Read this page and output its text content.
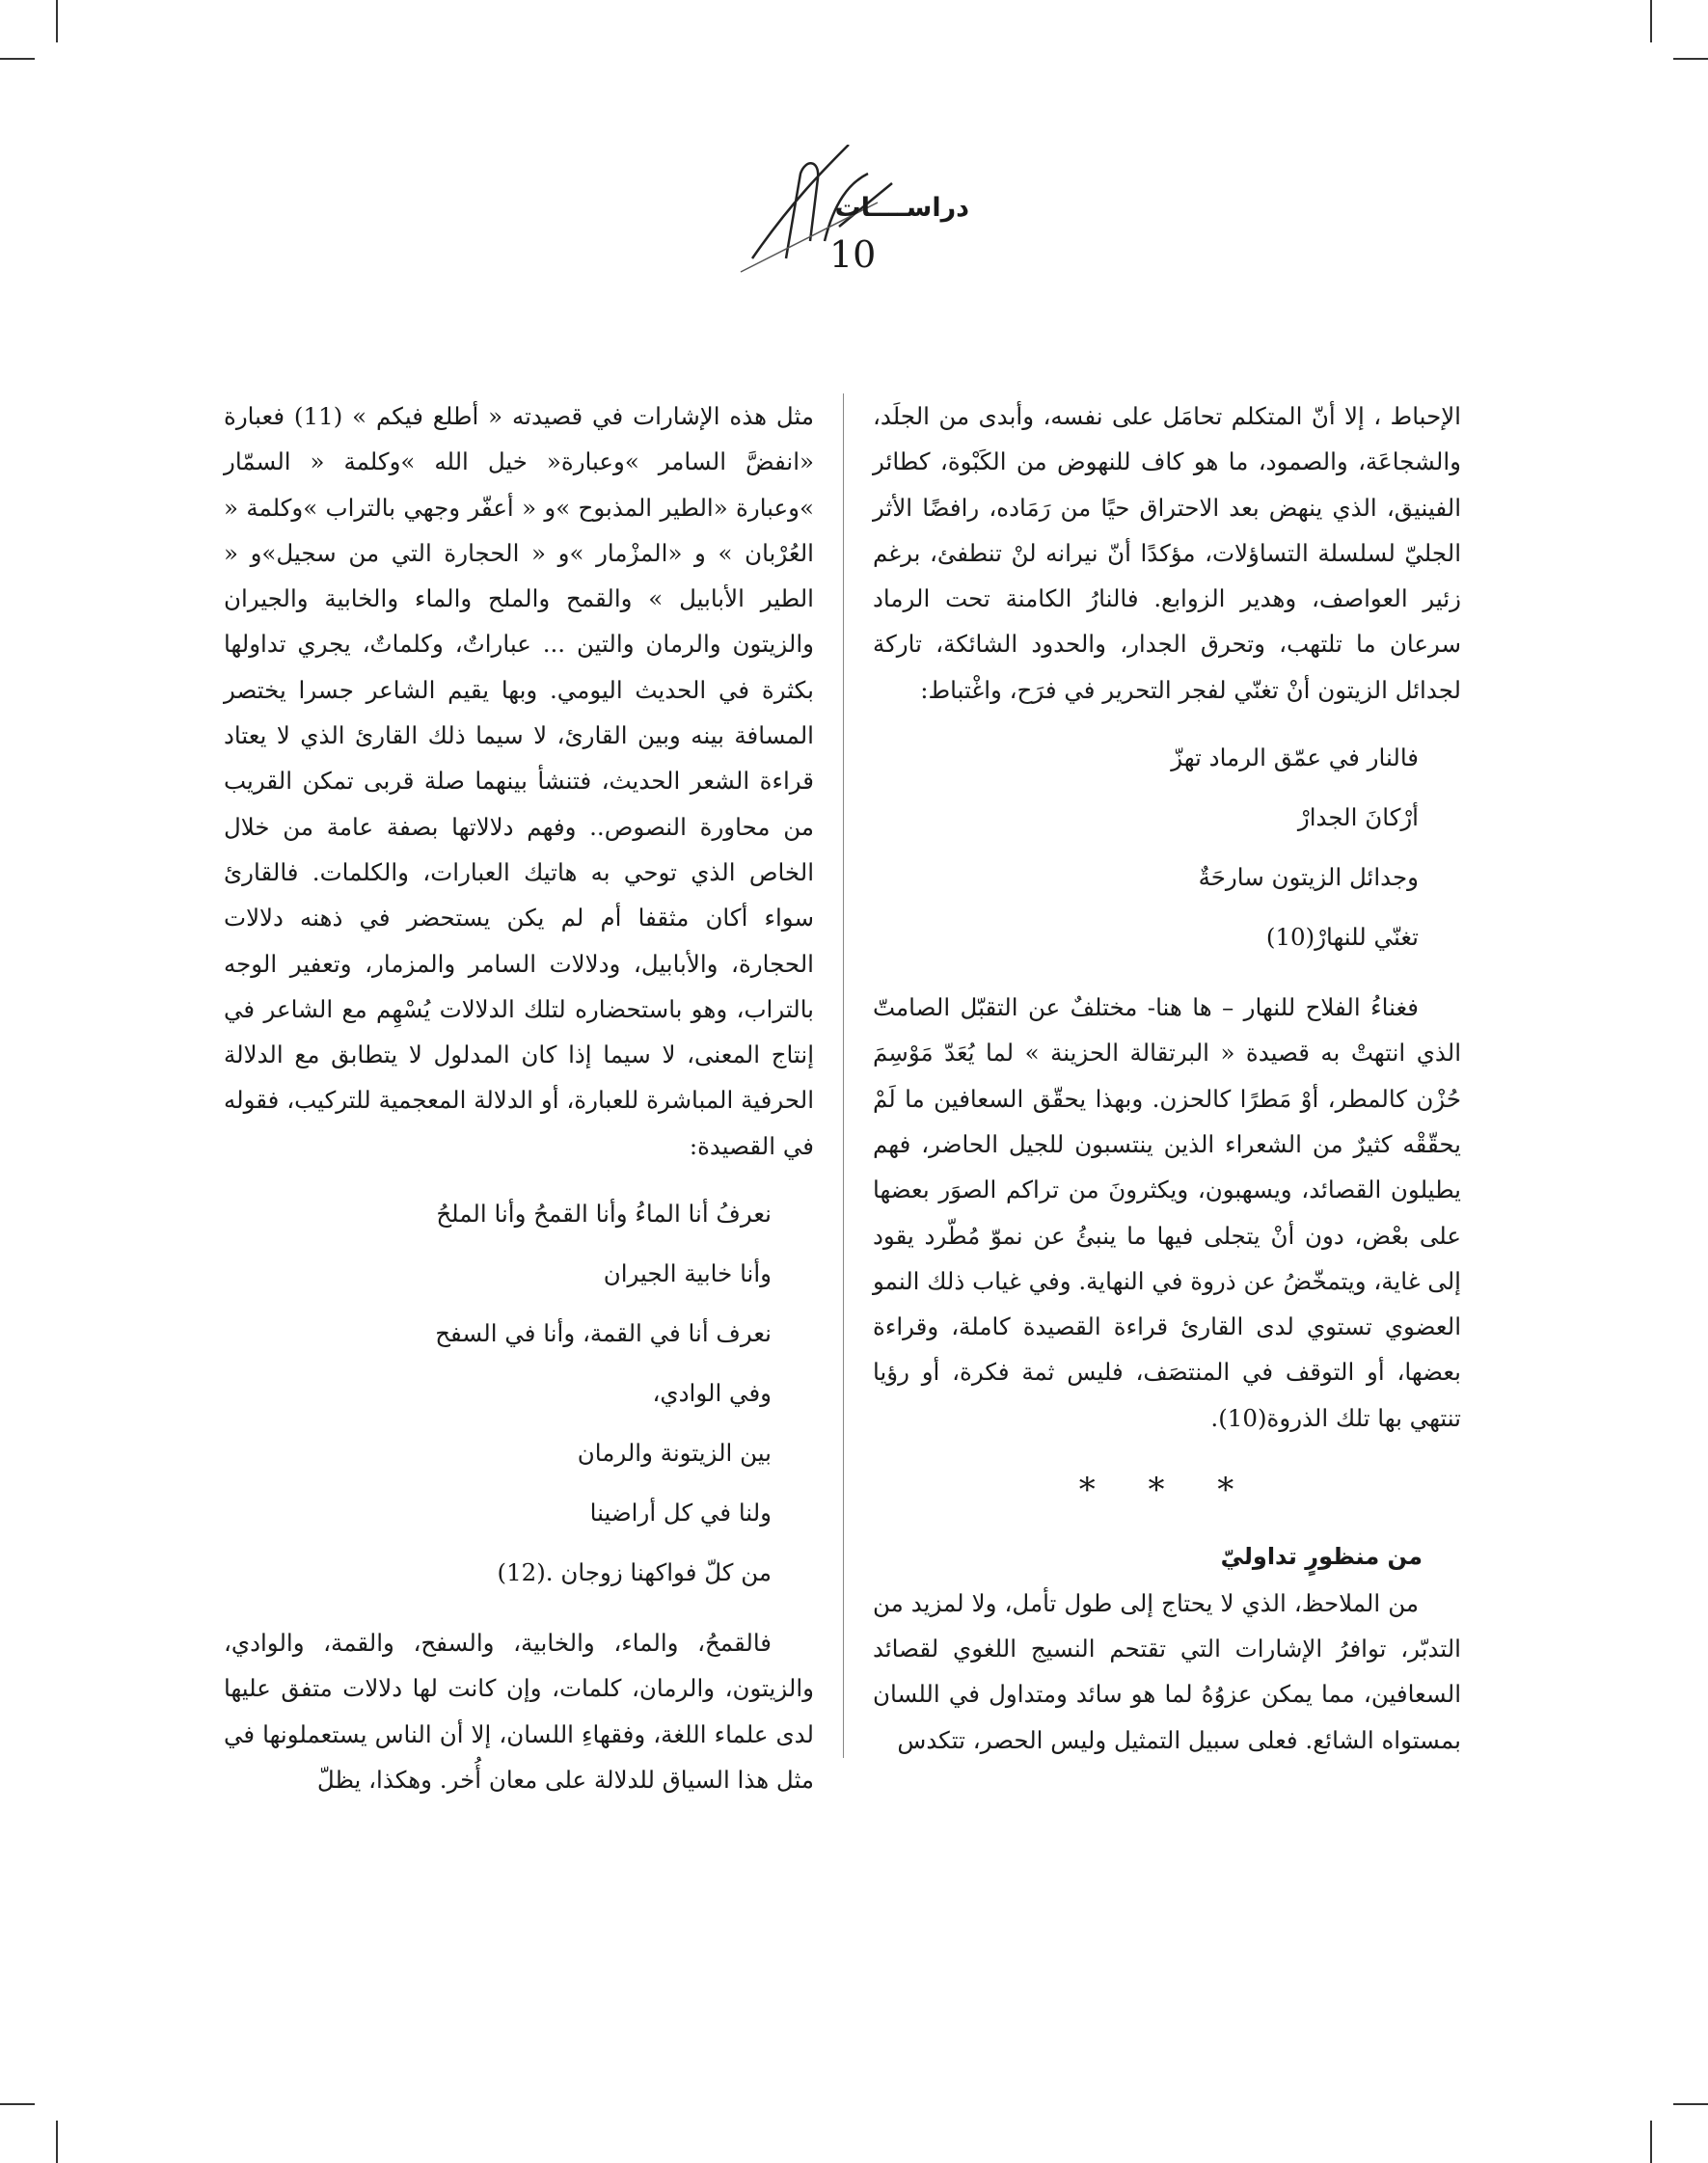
دراســــات
10

الإحباط ، إلا أنّ المتكلم تحامَل على نفسه، وأبدى من الجلَد، والشجاعَة، والصمود، ما هو كاف للنهوض من الكَبْوة، كطائر الفينيق، الذي ينهض بعد الاحتراق حيًا من رَمَاده، رافضًا الأثر الجليّ لسلسلة التساؤلات، مؤكدًا أنّ نيرانه لنْ تنطفئ، برغم زئير العواصف، وهدير الزوابع. فالنارُ الكامنة تحت الرماد سرعان ما تلتهب، وتحرق الجدار، والحدود الشائكة، تاركة لجدائل الزيتون أنْ تغنّي لفجر التحرير في فرَح، واغْتباط:

فالنار في عمّق الرماد تهزّ

أرْكانَ الجدارْ

وجدائل الزيتون سارحَةٌ

تغنّي للنهارْ(10)

فغناءُ الفلاح للنهار – ها هنا- مختلفٌ عن التقبّل الصامتّ الذي انتهتْ به قصيدة « البرتقالة الحزينة » لما يُعَدّ مَوْسِمَ حُزْن كالمطر، أوْ مَطرًا كالحزن. وبهذا يحقّق السعافين ما لَمْ يحقّقْه كثيرٌ من الشعراء الذين ينتسبون للجيل الحاضر، فهم يطيلون القصائد، ويسهبون، ويكثرونَ من تراكم الصوَر بعضها على بعْض، دون أنْ يتجلى فيها ما ينبئُ عن نموّ مُطّرد يقود إلى غاية، ويتمخّضُ عن ذروة في النهاية. وفي غياب ذلك النمو العضوي تستوي لدى القارئ قراءة القصيدة كاملة، وقراءة بعضها، أو التوقف في المنتصَف، فليس ثمة فكرة، أو رؤيا تنتهي بها تلك الذروة(10).

* * *

من منظورٍ تداوليّ

من الملاحظ، الذي لا يحتاج إلى طول تأمل، ولا لمزيد من التدبّر، توافرُ الإشارات التي تقتحم النسيج اللغوي لقصائد السعافين، مما يمكن عزوُهُ لما هو سائد ومتداول في اللسان بمستواه الشائع. فعلى سبيل التمثيل وليس الحصر، تتكدس

مثل هذه الإشارات في قصيدته « أطلع فيكم » (11) فعبارة «انفضَّ السامر »وعبارة« خيل الله »وكلمة « السمّار »وعبارة «الطير المذبوح »و « أعفّر وجهي بالتراب »وكلمة « العُرْبان » و «المزْمار »و « الحجارة التي من سجيل»و « الطير الأبابيل » والقمح والملح والماء والخابية والجيران والزيتون والرمان والتين ... عباراتٌ، وكلماتٌ، يجري تداولها بكثرة في الحديث اليومي. وبها يقيم الشاعر جسرا يختصر المسافة بينه وبين القارئ، لا سيما ذلك القارئ الذي لا يعتاد قراءة الشعر الحديث، فتنشأ بينهما صلة قربى تمكن القريب من محاورة النصوص.. وفهم دلالاتها بصفة عامة من خلال الخاص الذي توحي به هاتيك العبارات، والكلمات. فالقارئ سواء أكان مثقفا أم لم يكن يستحضر في ذهنه دلالات الحجارة، والأبابيل، ودلالات السامر والمزمار، وتعفير الوجه بالتراب، وهو باستحضاره لتلك الدلالات يُسْهِم مع الشاعر في إنتاج المعنى، لا سيما إذا كان المدلول لا يتطابق مع الدلالة الحرفية المباشرة للعبارة، أو الدلالة المعجمية للتركيب، فقوله في القصيدة:

نعرفُ أنا الماءُ وأنا القمحُ وأنا الملحُ

وأنا خابية الجيران

نعرف أنا في القمة، وأنا في السفح

وفي الوادي،

بين الزيتونة والرمان

ولنا في كل أراضينا

من كلّ فواكهنا زوجان .(12)

فالقمحُ، والماء، والخابية، والسفح، والقمة، والوادي، والزيتون، والرمان، كلمات، وإن كانت لها دلالات متفق عليها لدى علماء اللغة، وفقهاءِ اللسان، إلا أن الناس يستعملونها في مثل هذا السياق للدلالة على معان أُخر. وهكذا، يظلّ
